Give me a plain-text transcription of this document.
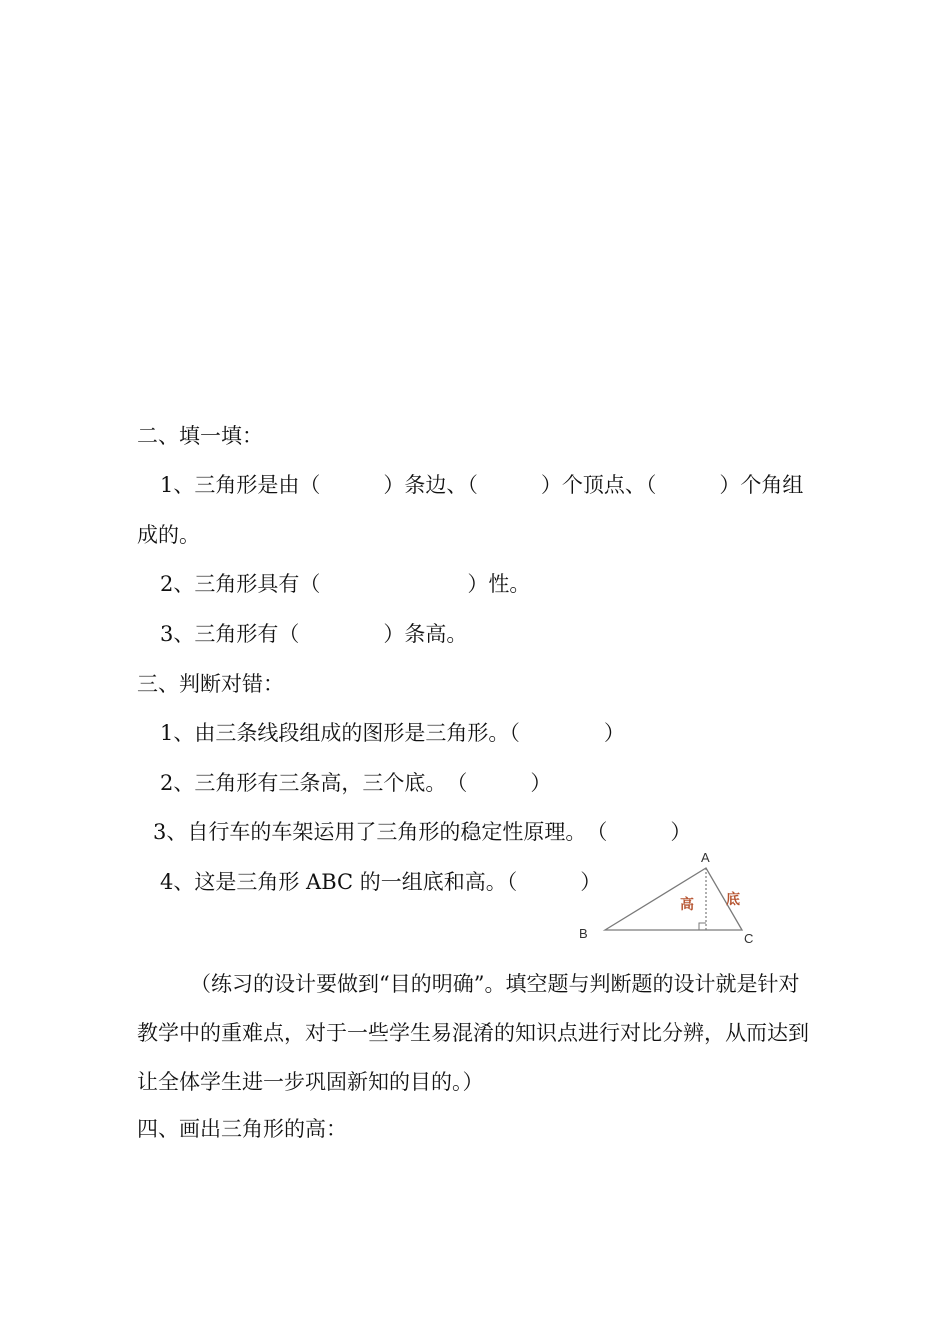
二、填一填：
1、三角形是由（　　　）条边、（　　　）个顶点、（　　　）个角组
成的。
2、三角形具有（　　　　　　　）性。
3、三角形有（　　　　）条高。
三、判断对错：
1、由三条线段组成的图形是三角形。（　　　　）
2、三角形有三条高，三个底。　（　　　）
3、自行车的车架运用了三角形的稳定性原理。　（　　　）
4、这是三角形 ABC 的一组底和高。（　　　）
A
B	C
高 底
（练习的设计要做到“目的明确”。填空题与判断题的设计就是针对教学中的重难点，对于一些学生易混淆的知识点进行对比分辨，从而达到让全体学生进一步巩固新知的目的。）
四、画出三角形的高：
